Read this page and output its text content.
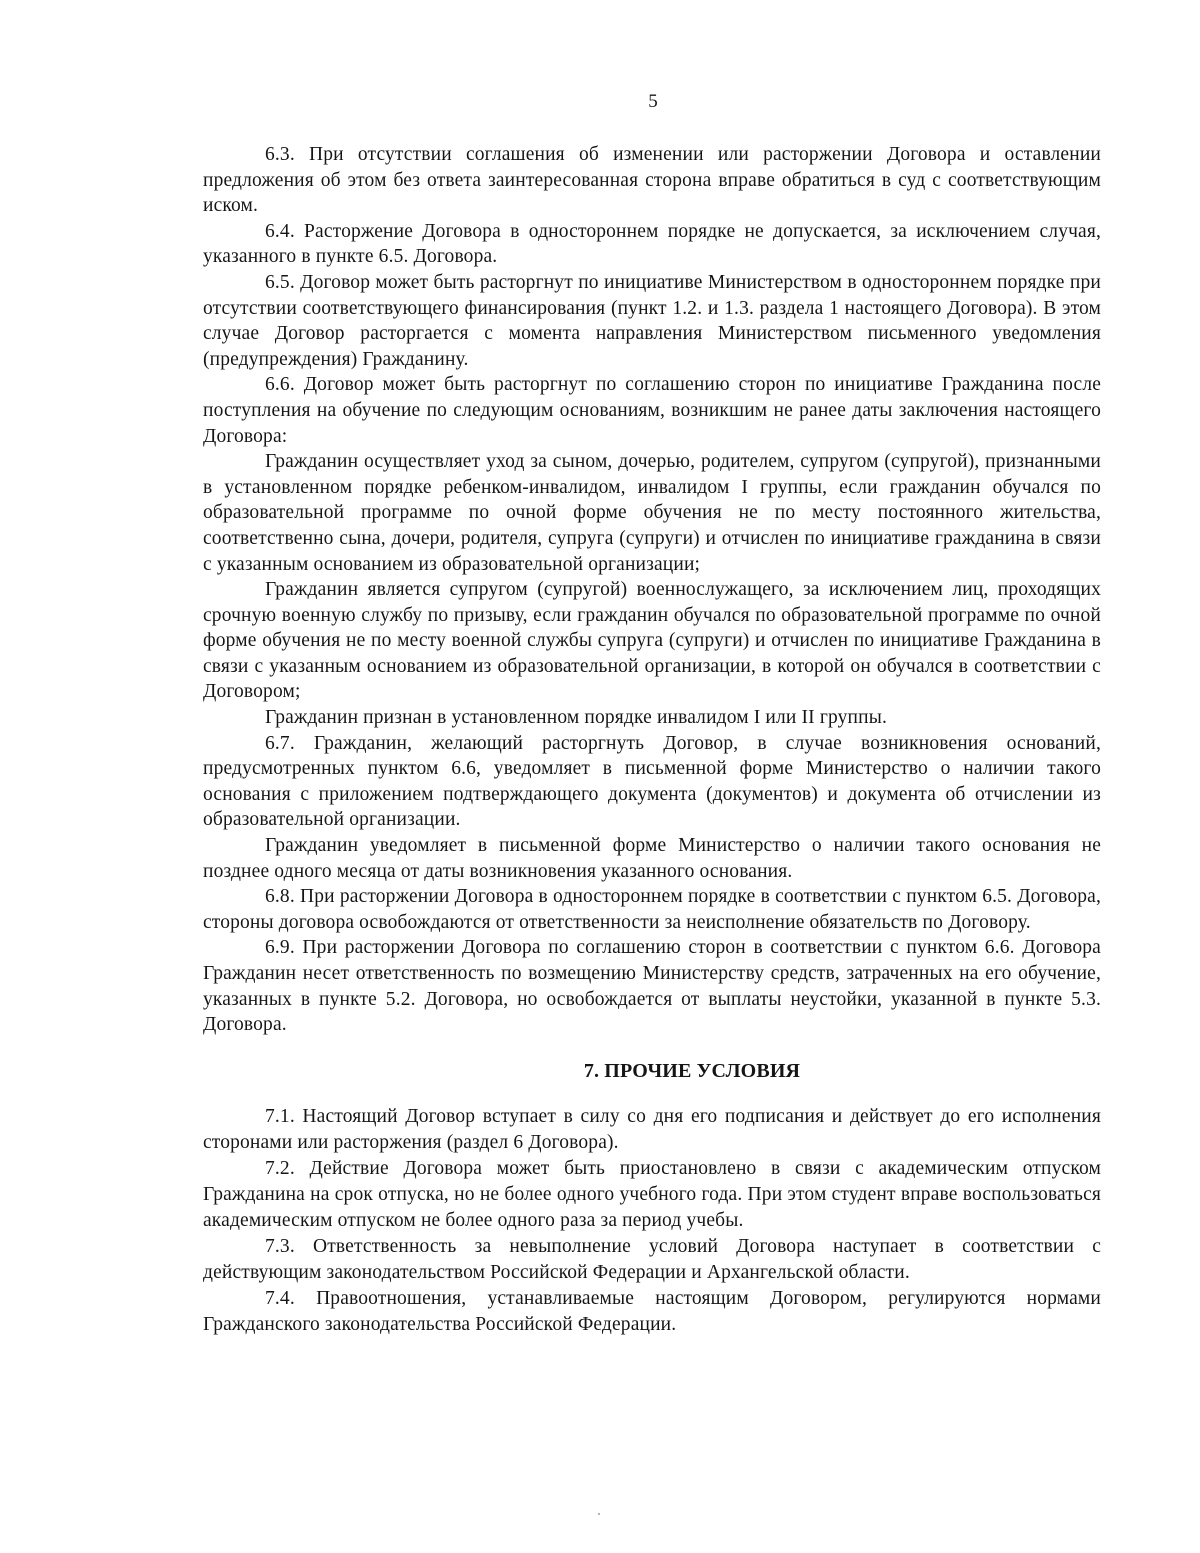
5

6.3. При отсутствии соглашения об изменении или расторжении Договора и оставлении предложения об этом без ответа заинтересованная сторона вправе обратиться в суд с соответствующим иском.

6.4. Расторжение Договора в одностороннем порядке не допускается, за исключением случая, указанного в пункте 6.5. Договора.

6.5. Договор может быть расторгнут по инициативе Министерством в одностороннем порядке при отсутствии соответствующего финансирования (пункт 1.2. и 1.3. раздела 1 настоящего Договора). В этом случае Договор расторгается с момента направления Министерством письменного уведомления (предупреждения) Гражданину.

6.6. Договор может быть расторгнут по соглашению сторон по инициативе Гражданина после поступления на обучение по следующим основаниям, возникшим не ранее даты заключения настоящего Договора:

Гражданин осуществляет уход за сыном, дочерью, родителем, супругом (супругой), признанными в установленном порядке ребенком-инвалидом, инвалидом I группы, если гражданин обучался по образовательной программе по очной форме обучения не по месту постоянного жительства, соответственно сына, дочери, родителя, супруга (супруги) и отчислен по инициативе гражданина в связи с указанным основанием из образовательной организации;

Гражданин является супругом (супругой) военнослужащего, за исключением лиц, проходящих срочную военную службу по призыву, если гражданин обучался по образовательной программе по очной форме обучения не по месту военной службы супруга (супруги) и отчислен по инициативе Гражданина в связи с указанным основанием из образовательной организации, в которой он обучался в соответствии с Договором;

Гражданин признан в установленном порядке инвалидом I или II группы.

6.7. Гражданин, желающий расторгнуть Договор, в случае возникновения оснований, предусмотренных пунктом 6.6, уведомляет в письменной форме Министерство о наличии такого основания с приложением подтверждающего документа (документов) и документа об отчислении из образовательной организации.

Гражданин уведомляет в письменной форме Министерство о наличии такого основания не позднее одного месяца от даты возникновения указанного основания.

6.8. При расторжении Договора в одностороннем порядке в соответствии с пунктом 6.5. Договора, стороны договора освобождаются от ответственности за неисполнение обязательств по Договору.

6.9. При расторжении Договора по соглашению сторон в соответствии с пунктом 6.6. Договора Гражданин несет ответственность по возмещению Министерству средств, затраченных на его обучение, указанных в пункте 5.2. Договора, но освобождается от выплаты неустойки, указанной в пункте 5.3. Договора.

7. ПРОЧИЕ УСЛОВИЯ

7.1. Настоящий Договор вступает в силу со дня его подписания и действует до его исполнения сторонами или расторжения (раздел 6 Договора).

7.2. Действие Договора может быть приостановлено в связи с академическим отпуском Гражданина на срок отпуска, но не более одного учебного года. При этом студент вправе воспользоваться академическим отпуском не более одного раза за период учебы.

7.3. Ответственность за невыполнение условий Договора наступает в соответствии с действующим законодательством Российской Федерации и Архангельской области.

7.4. Правоотношения, устанавливаемые настоящим Договором, регулируются нормами Гражданского законодательства Российской Федерации.
